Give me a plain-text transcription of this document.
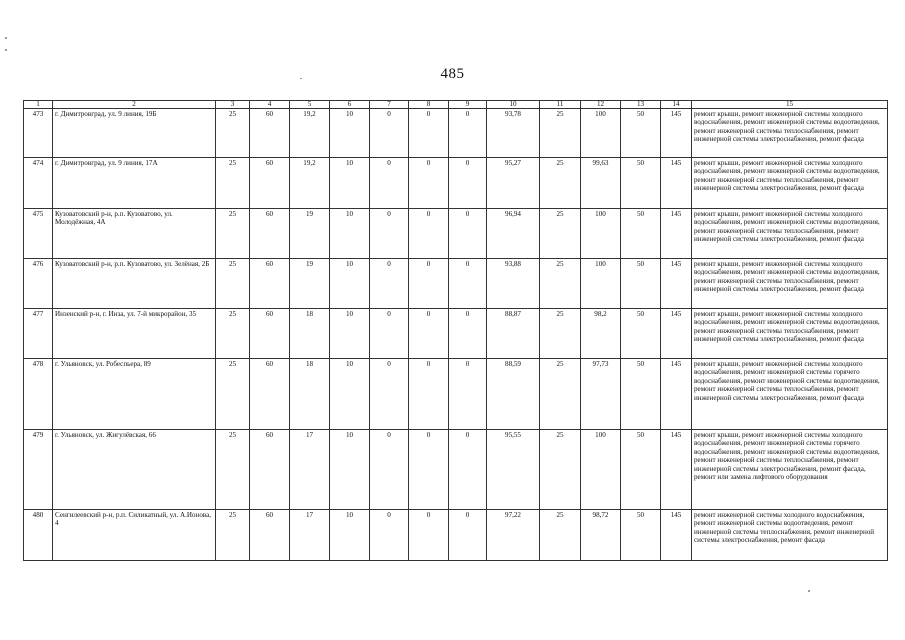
485
1	2	3	4	5	6	7	8	9	10	11	12	13	14	15
473	г. Димитровград, ул. 9 линия, 19Б	25	60	19,2	10	0	0	0	93,78	25	100	50	145	ремонт крыши, ремонт инженерной системы холодного водоснабжения, ремонт инженерной системы водоотведения, ремонт инженерной системы теплоснабжения, ремонт инженерной системы электроснабжения, ремонт фасада
474	г. Димитровград, ул. 9 линия, 17А	25	60	19,2	10	0	0	0	95,27	25	99,63	50	145	ремонт крыши, ремонт инженерной системы холодного водоснабжения, ремонт инженерной системы водоотведения, ремонт инженерной системы теплоснабжения, ремонт инженерной системы электроснабжения, ремонт фасада
475	Кузоватовский р-н, р.п. Кузоватово, ул. Молодёжная, 4А	25	60	19	10	0	0	0	96,94	25	100	50	145	ремонт крыши, ремонт инженерной системы холодного водоснабжения, ремонт инженерной системы водоотведения, ремонт инженерной системы теплоснабжения, ремонт инженерной системы электроснабжения, ремонт фасада
476	Кузоватовский р-н, р.п. Кузоватово, ул. Зелёная, 2Б	25	60	19	10	0	0	0	93,88	25	100	50	145	ремонт крыши, ремонт инженерной системы холодного водоснабжения, ремонт инженерной системы водоотведения, ремонт инженерной системы теплоснабжения, ремонт инженерной системы электроснабжения, ремонт фасада
477	Инзенский р-н, г. Инза, ул. 7-й микрорайон, 35	25	60	18	10	0	0	0	88,87	25	98,2	50	145	ремонт крыши, ремонт инженерной системы холодного водоснабжения, ремонт инженерной системы водоотведения, ремонт инженерной системы теплоснабжения, ремонт инженерной системы электроснабжения, ремонт фасада
478	г. Ульяновск, ул. Робеспьера, 89	25	60	18	10	0	0	0	88,59	25	97,73	50	145	ремонт крыши, ремонт инженерной системы холодного водоснабжения, ремонт инженерной системы горячего водоснабжения, ремонт инженерной системы водоотведения, ремонт инженерной системы теплоснабжения, ремонт инженерной системы электроснабжения, ремонт фасада
479	г. Ульяновск, ул. Жигулёвская, 66	25	60	17	10	0	0	0	95,55	25	100	50	145	ремонт крыши, ремонт инженерной системы холодного водоснабжения, ремонт инженерной системы горячего водоснабжения, ремонт инженерной системы водоотведения, ремонт инженерной системы теплоснабжения, ремонт инженерной системы электроснабжения, ремонт фасада, ремонт или замена лифтового оборудования
480	Сенгилеевский р-н, р.п. Силикатный, ул. А.Ионова, 4	25	60	17	10	0	0	0	97,22	25	98,72	50	145	ремонт инженерной системы холодного водоснабжения, ремонт инженерной системы водоотведения, ремонт инженерной системы теплоснабжения, ремонт инженерной системы электроснабжения, ремонт фасада
